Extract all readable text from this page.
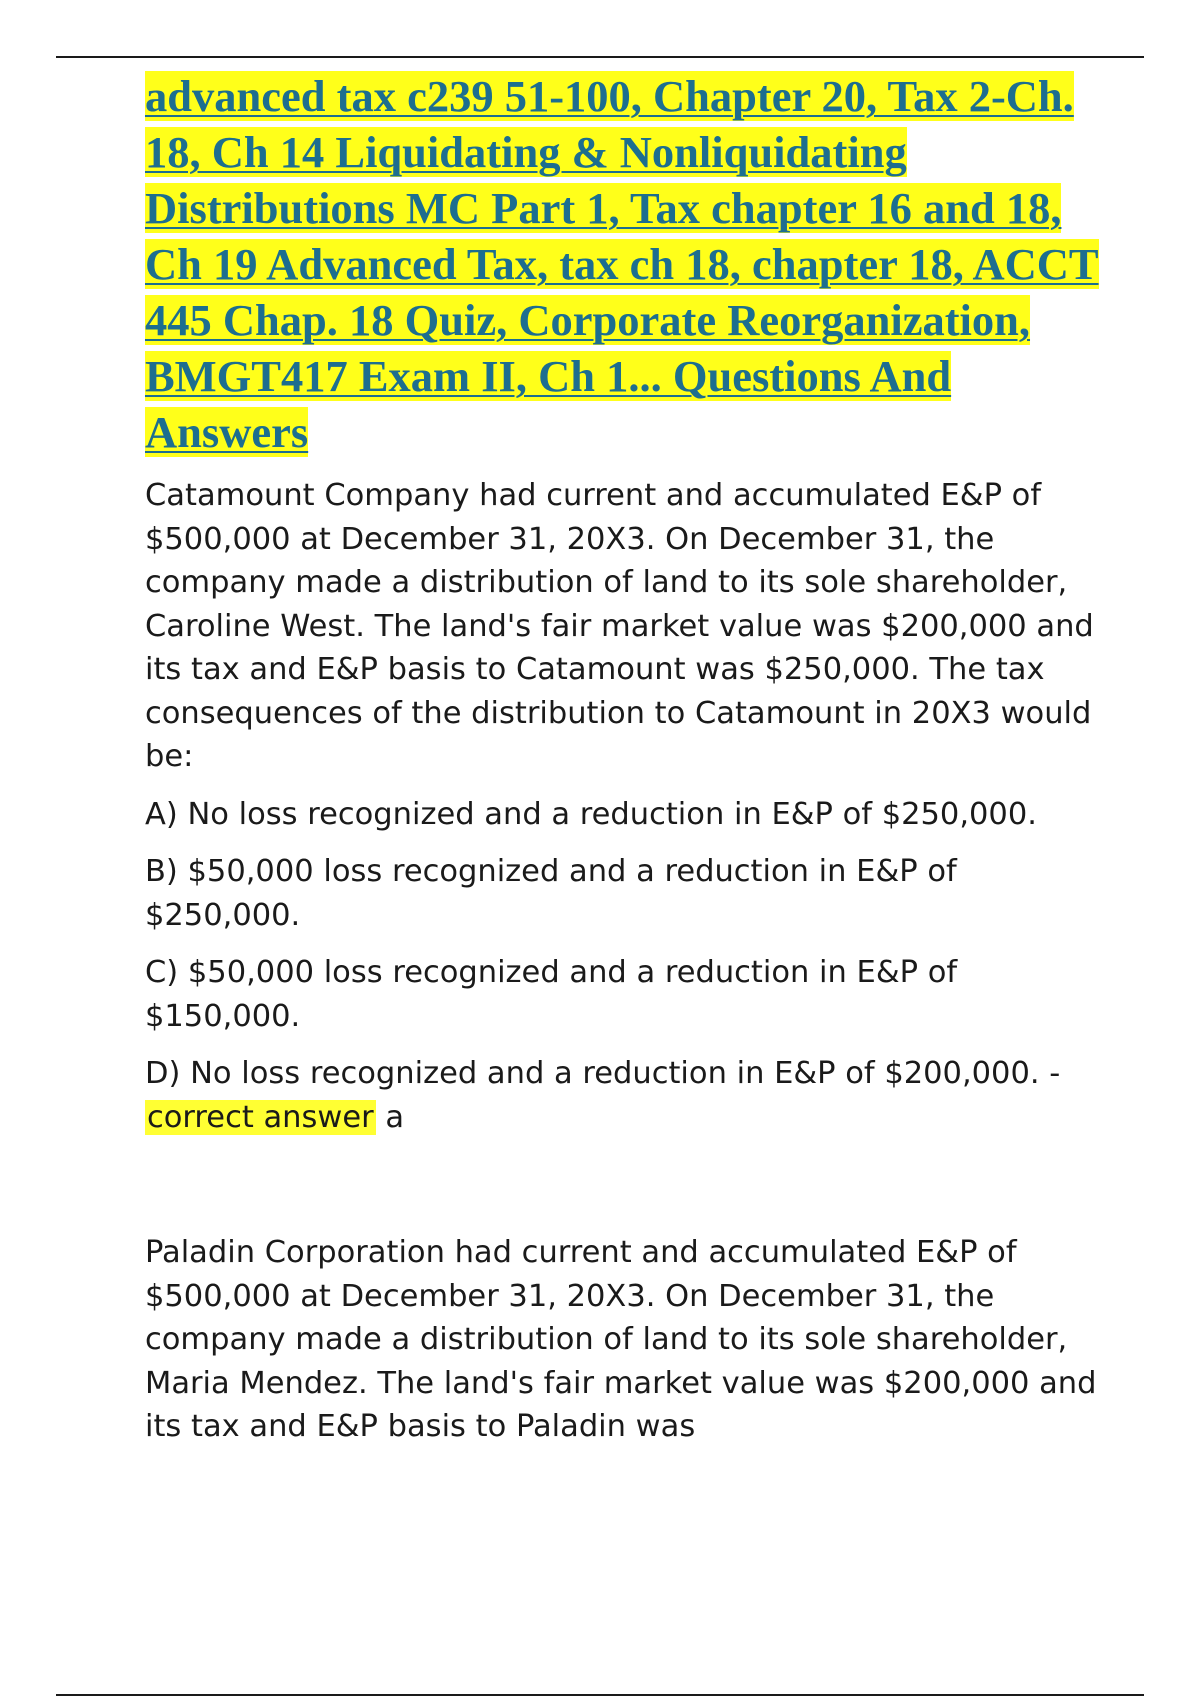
advanced tax c239 51-100, Chapter 20, Tax 2-Ch. 18, Ch 14 Liquidating & Nonliquidating Distributions MC Part 1, Tax chapter 16 and 18, Ch 19 Advanced Tax, tax ch 18, chapter 18, ACCT 445 Chap. 18 Quiz, Corporate Reorganization, BMGT417 Exam II, Ch 1... Questions And Answers

Catamount Company had current and accumulated E&P of $500,000 at December 31, 20X3. On December 31, the company made a distribution of land to its sole shareholder, Caroline West. The land's fair market value was $200,000 and its tax and E&P basis to Catamount was $250,000. The tax consequences of the distribution to Catamount in 20X3 would be:

A) No loss recognized and a reduction in E&P of $250,000.

B) $50,000 loss recognized and a reduction in E&P of $250,000.

C) $50,000 loss recognized and a reduction in E&P of $150,000.

D) No loss recognized and a reduction in E&P of $200,000. - correct answer a

Paladin Corporation had current and accumulated E&P of $500,000 at December 31, 20X3. On December 31, the company made a distribution of land to its sole shareholder, Maria Mendez. The land's fair market value was $200,000 and its tax and E&P basis to Paladin was
